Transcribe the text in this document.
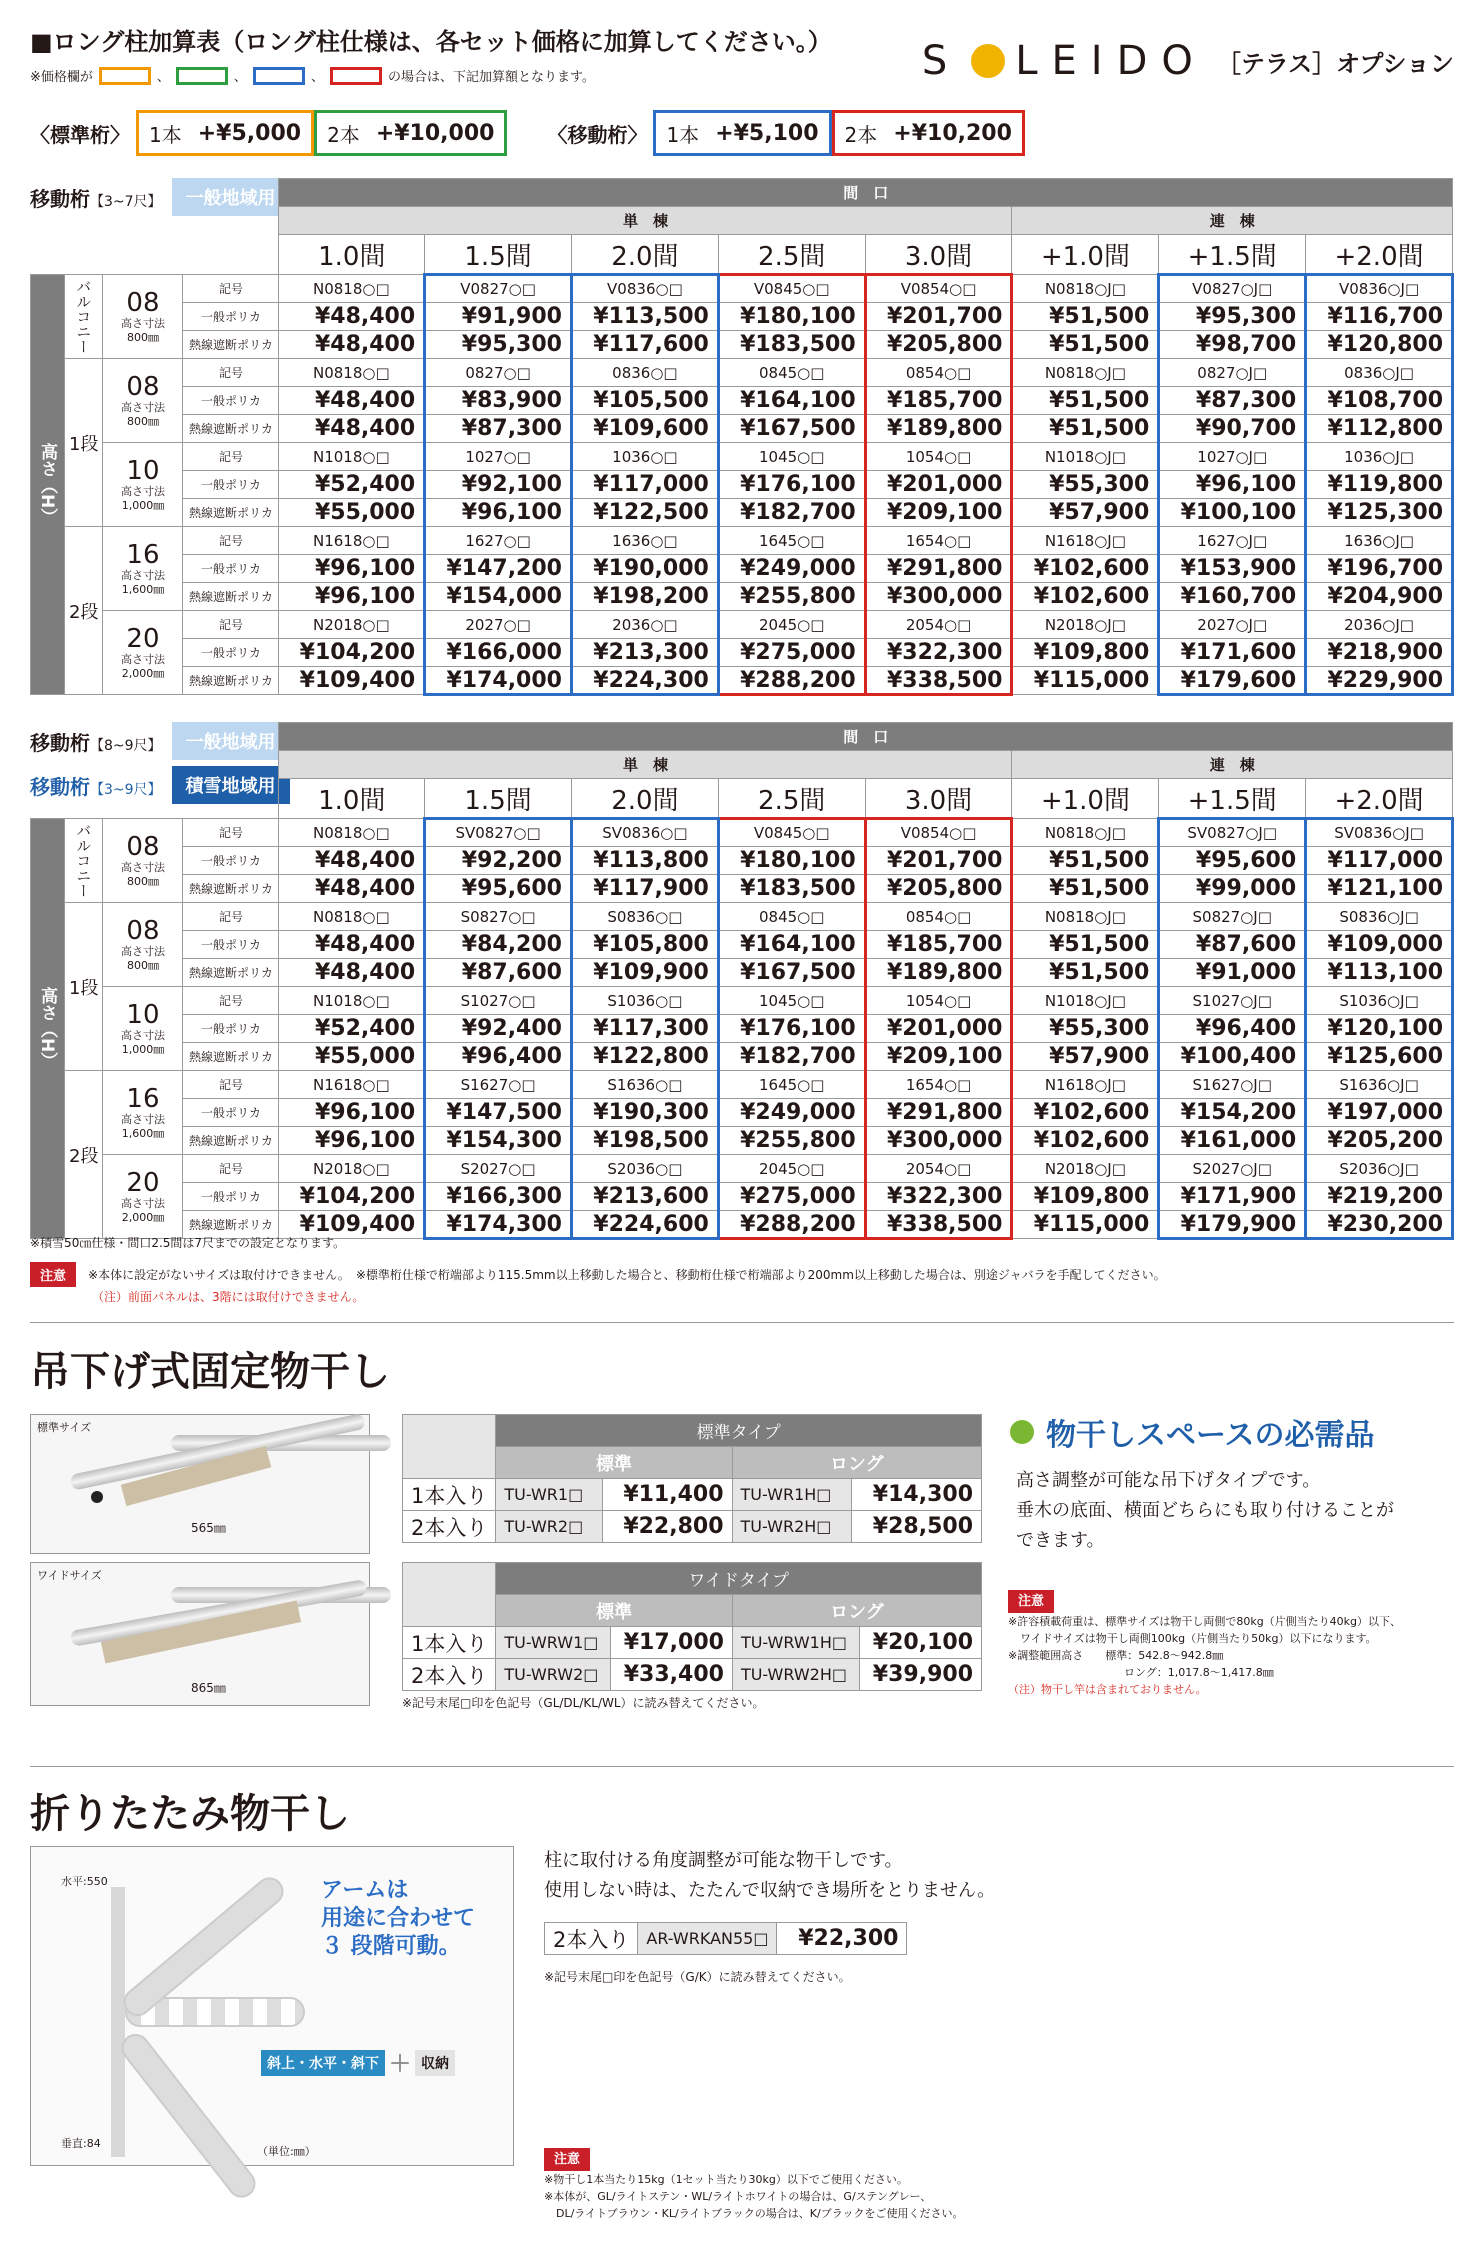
■ロング柱加算表（ロング柱仕様は、各セット価格に加算してください。）
※価格欄が	、	、	、	の場合は、下記加算額となります。	S LEIDO ［テラス］オプション
〈標準桁〉 1本 +¥5,000 2本 +¥10,000	〈移動桁〉 1本 +¥5,100 2本 +¥10,200
移動桁【3~7尺】	一般地域用
				間　口							
				単　棟					連　棟		
				1.0間	1.5間	2.0間	2.5間	3.0間	+1.0間	+1.5間	+2.0間
高さ（H）	バルコニー	08
高さ寸法
800㎜	記号	N0818○□	V0827○□	V0836○□	V0845○□	V0854○□	N0818○J□	V0827○J□	V0836○J□
			一般ポリカ	¥48,400	¥91,900	¥113,500	¥180,100	¥201,700	¥51,500	¥95,300	¥116,700
			熱線遮断ポリカ	¥48,400	¥95,300	¥117,600	¥183,500	¥205,800	¥51,500	¥98,700	¥120,800
	1段	08
高さ寸法
800㎜	記号	N0818○□	0827○□	0836○□	0845○□	0854○□	N0818○J□	0827○J□	0836○J□
			一般ポリカ	¥48,400	¥83,900	¥105,500	¥164,100	¥185,700	¥51,500	¥87,300	¥108,700
			熱線遮断ポリカ	¥48,400	¥87,300	¥109,600	¥167,500	¥189,800	¥51,500	¥90,700	¥112,800

		10
高さ寸法
1,000㎜	記号	N1018○□	1027○□	1036○□	1045○□	1054○□	N1018○J□	1027○J□	1036○J□
			一般ポリカ	¥52,400	¥92,100	¥117,000	¥176,100	¥201,000	¥55,300	¥96,100	¥119,800
			熱線遮断ポリカ	¥55,000	¥96,100	¥122,500	¥182,700	¥209,100	¥57,900	¥100,100	¥125,300
	2段	16
高さ寸法
1,600㎜	記号	N1618○□	1627○□	1636○□	1645○□	1654○□	N1618○J□	1627○J□	1636○J□
			一般ポリカ	¥96,100	¥147,200	¥190,000	¥249,000	¥291,800	¥102,600	¥153,900	¥196,700
			熱線遮断ポリカ	¥96,100	¥154,000	¥198,200	¥255,800	¥300,000	¥102,600	¥160,700	¥204,900

		20
高さ寸法
2,000㎜	記号	N2018○□	2027○□	2036○□	2045○□	2054○□	N2018○J□	2027○J□	2036○J□
			一般ポリカ	¥104,200	¥166,000	¥213,300	¥275,000	¥322,300	¥109,800	¥171,600	¥218,900
			熱線遮断ポリカ	¥109,400	¥174,000	¥224,300	¥288,200	¥338,500	¥115,000	¥179,600	¥229,900
移動桁【8~9尺】	一般地域用
移動桁【3~9尺】	積雪地域用
				間　口							
				単　棟					連　棟		
				1.0間	1.5間	2.0間	2.5間	3.0間	+1.0間	+1.5間	+2.0間
高さ（H）	バルコニー	08
高さ寸法
800㎜	記号	N0818○□	SV0827○□	SV0836○□	V0845○□	V0854○□	N0818○J□	SV0827○J□	SV0836○J□
			一般ポリカ	¥48,400	¥92,200	¥113,800	¥180,100	¥201,700	¥51,500	¥95,600	¥117,000
			熱線遮断ポリカ	¥48,400	¥95,600	¥117,900	¥183,500	¥205,800	¥51,500	¥99,000	¥121,100
	1段	08
高さ寸法
800㎜	記号	N0818○□	S0827○□	S0836○□	0845○□	0854○□	N0818○J□	S0827○J□	S0836○J□
			一般ポリカ	¥48,400	¥84,200	¥105,800	¥164,100	¥185,700	¥51,500	¥87,600	¥109,000
			熱線遮断ポリカ	¥48,400	¥87,600	¥109,900	¥167,500	¥189,800	¥51,500	¥91,000	¥113,100

		10
高さ寸法
1,000㎜	記号	N1018○□	S1027○□	S1036○□	1045○□	1054○□	N1018○J□	S1027○J□	S1036○J□
			一般ポリカ	¥52,400	¥92,400	¥117,300	¥176,100	¥201,000	¥55,300	¥96,400	¥120,100
			熱線遮断ポリカ	¥55,000	¥96,400	¥122,800	¥182,700	¥209,100	¥57,900	¥100,400	¥125,600
	2段	16
高さ寸法
1,600㎜	記号	N1618○□	S1627○□	S1636○□	1645○□	1654○□	N1618○J□	S1627○J□	S1636○J□
			一般ポリカ	¥96,100	¥147,500	¥190,300	¥249,000	¥291,800	¥102,600	¥154,200	¥197,000
			熱線遮断ポリカ	¥96,100	¥154,300	¥198,500	¥255,800	¥300,000	¥102,600	¥161,000	¥205,200

		20
高さ寸法
2,000㎜	記号	N2018○□	S2027○□	S2036○□	2045○□	2054○□	N2018○J□	S2027○J□	S2036○J□
			一般ポリカ	¥104,200	¥166,300	¥213,600	¥275,000	¥322,300	¥109,800	¥171,900	¥219,200
			熱線遮断ポリカ	¥109,400	¥174,300	¥224,600	¥288,200	¥338,500	¥115,000	¥179,900	¥230,200
※積雪50㎝仕様・間口2.5間は7尺までの設定となります。
注意	※本体に設定がないサイズは取付けできません。　※標準桁仕様で桁端部より115.5mm以上移動した場合と、移動桁仕様で桁端部より200mm以上移動した場合は、別途ジャバラを手配してください。
（注）前面パネルは、3階には取付けできません。
吊下げ式固定物干し
標準サイズ
565㎜
ワイドサイズ
865㎜
	標準タイプ			
	標準		ロング	
1本入り	TU-WR1□	¥11,400	TU-WR1H□	¥14,300
2本入り	TU-WR2□	¥22,800	TU-WR2H□	¥28,500
	ワイドタイプ			
	標準		ロング	
1本入り	TU-WRW1□	¥17,000	TU-WRW1H□	¥20,100
2本入り	TU-WRW2□	¥33,400	TU-WRW2H□	¥39,900
※記号末尾□印を色記号（GL/DL/KL/WL）に読み替えてください。
物干しスペースの必需品
高さ調整が可能な吊下げタイプです。
垂木の底面、横面どちらにも取り付けることが
できます。
注意
※許容積載荷重は、標準サイズは物干し両側で80kg（片側当たり40kg）以下、
ワイドサイズは物干し両側100kg（片側当たり50kg）以下になります。
※調整範囲高さ　　標準：542.8～942.8㎜
ロング：1,017.8～1,417.8㎜
（注）物干し竿は含まれておりません。
折りたたみ物干し
水平:550
垂直:84
アームは
用途に合わせて
３ 段階可動。
斜上・水平・斜下 ＋ 収納
（単位:㎜）
柱に取付ける角度調整が可能な物干しです。
使用しない時は、たたんで収納でき場所をとりません。
2本入り	AR-WRKAN55□	¥22,300
※記号末尾□印を色記号（G/K）に読み替えてください。
注意
※物干し1本当たり15kg（1セット当たり30kg）以下でご使用ください。
※本体が、GL/ライトステン・WL/ライトホワイトの場合は、G/ステングレー、
DL/ライトブラウン・KL/ライトブラックの場合は、K/ブラックをご使用ください。
